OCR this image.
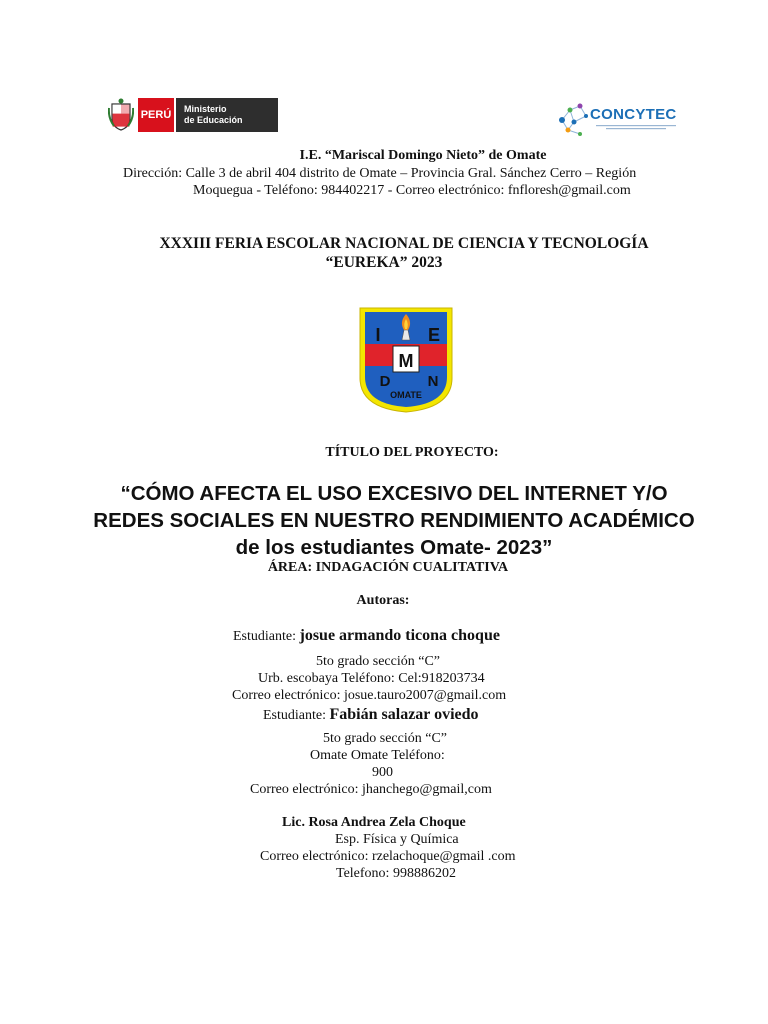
PERÚ	Ministerio
de Educación	CONCYTEC
I.E. “Mariscal Domingo Nieto” de Omate
Dirección: Calle 3 de abril 404 distrito de Omate – Provincia Gral. Sánchez Cerro – Región
Moquegua - Teléfono: 984402217 - Correo electrónico: fnfloresh@gmail.com
XXXIII FERIA ESCOLAR NACIONAL DE CIENCIA Y TECNOLOGÍA
“EUREKA” 2023
I	E
M
D N
OMATE
TÍTULO DEL PROYECTO:
“CÓMO AFECTA EL USO EXCESIVO DEL INTERNET Y/O REDES SOCIALES EN NUESTRO RENDIMIENTO ACADÉMICO de los estudiantes Omate- 2023”
ÁREA: INDAGACIÓN CUALITATIVA
Autoras:
Estudiante: josue armando ticona choque
5to grado sección “C”
Urb. escobaya Teléfono: Cel:918203734
Correo electrónico: josue.tauro2007@gmail.com
Estudiante: Fabián salazar oviedo
5to grado sección “C”
Omate Omate Teléfono:
900
Correo electrónico: jhanchego@gmail,com
Lic. Rosa Andrea Zela Choque
Esp. Física y Química
Correo electrónico: rzelachoque@gmail .com
Telefono: 998886202
